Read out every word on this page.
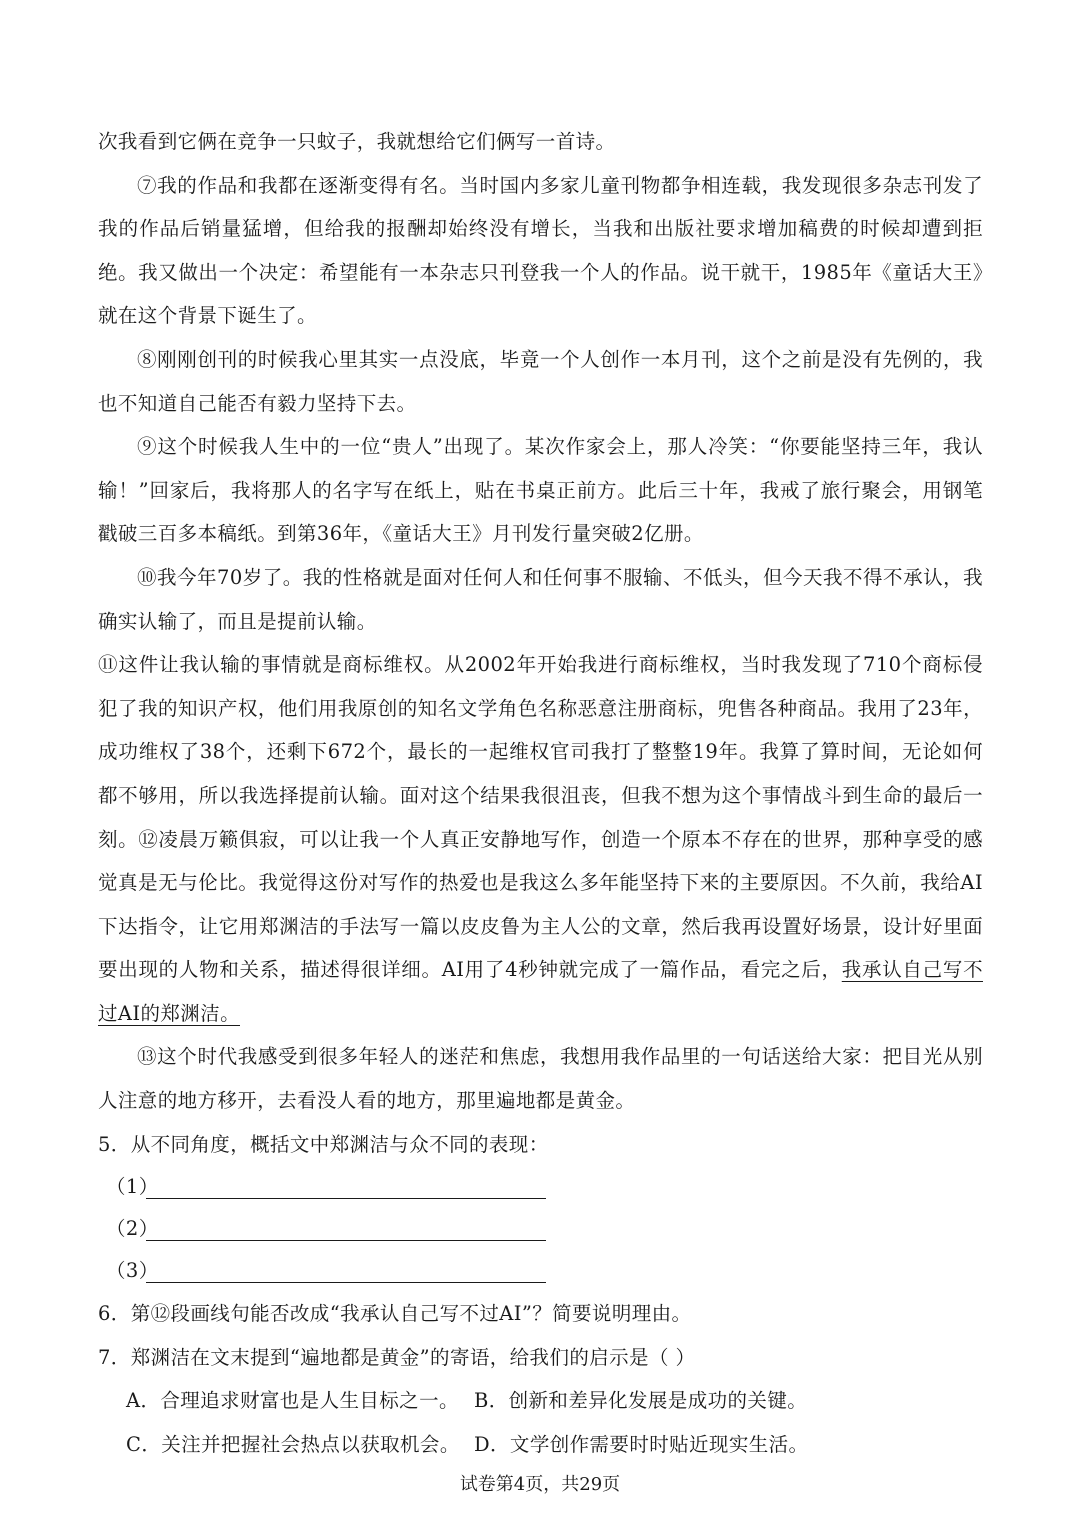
次我看到它俩在竞争一只蚊子，我就想给它们俩写一首诗。

⑦我的作品和我都在逐渐变得有名。当时国内多家儿童刊物都争相连载，我发现很多杂志刊发了我的作品后销量猛增，但给我的报酬却始终没有增长，当我和出版社要求增加稿费的时候却遭到拒绝。我又做出一个决定：希望能有一本杂志只刊登我一个人的作品。说干就干，1985年《童话大王》就在这个背景下诞生了。

⑧刚刚创刊的时候我心里其实一点没底，毕竟一个人创作一本月刊，这个之前是没有先例的，我也不知道自己能否有毅力坚持下去。

⑨这个时候我人生中的一位“贵人”出现了。某次作家会上，那人冷笑：“你要能坚持三年，我认输！”回家后，我将那人的名字写在纸上，贴在书桌正前方。此后三十年，我戒了旅行聚会，用钢笔戳破三百多本稿纸。到第36年，《童话大王》月刊发行量突破2亿册。

⑩我今年70岁了。我的性格就是面对任何人和任何事不服输、不低头，但今天我不得不承认，我确实认输了，而且是提前认输。

⑪这件让我认输的事情就是商标维权。从2002年开始我进行商标维权，当时我发现了710个商标侵犯了我的知识产权，他们用我原创的知名文学角色名称恶意注册商标，兜售各种商品。我用了23年，成功维权了38个，还剩下672个，最长的一起维权官司我打了整整19年。我算了算时间，无论如何都不够用，所以我选择提前认输。面对这个结果我很沮丧，但我不想为这个事情战斗到生命的最后一刻。⑫凌晨万籁俱寂，可以让我一个人真正安静地写作，创造一个原本不存在的世界，那种享受的感觉真是无与伦比。我觉得这份对写作的热爱也是我这么多年能坚持下来的主要原因。不久前，我给AI下达指令，让它用郑渊洁的手法写一篇以皮皮鲁为主人公的文章，然后我再设置好场景，设计好里面要出现的人物和关系，描述得很详细。AI用了4秒钟就完成了一篇作品，看完之后，我承认自己写不过AI的郑渊洁。

⑬这个时代我感受到很多年轻人的迷茫和焦虑，我想用我作品里的一句话送给大家：把目光从别人注意的地方移开，去看没人看的地方，那里遍地都是黄金。

5．从不同角度，概括文中郑渊洁与众不同的表现：

（1）
（2）
（3）

6．第⑫段画线句能否改成“我承认自己写不过AI”？简要说明理由。

7．郑渊洁在文末提到“遍地都是黄金”的寄语，给我们的启示是（ ）

A．合理追求财富也是人生目标之一。 B．创新和差异化发展是成功的关键。
C．关注并把握社会热点以获取机会。 D．文学创作需要时时贴近现实生活。
试卷第4页，共29页
